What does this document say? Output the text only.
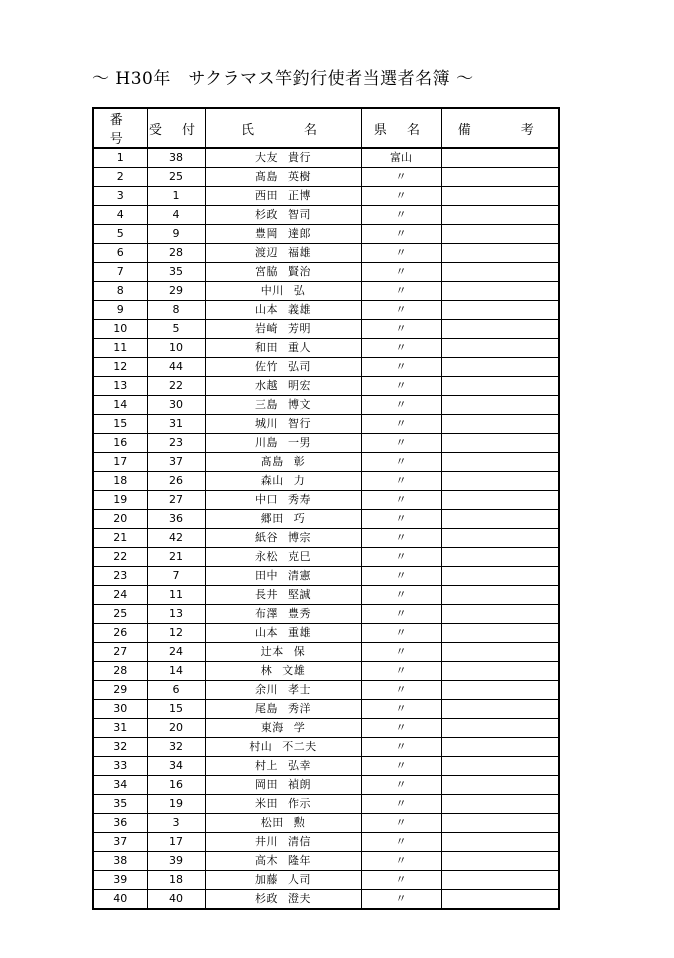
〜 H30年　サクラマス竿釣行使者当選者名簿 〜
番 号	受 付	氏　　名	県 名	備　　考
1	38	大友 貴行	富山	
2	25	髙島 英樹	〃	
3	1	西田 正博	〃	
4	4	杉政 智司	〃	
5	9	豊岡 達郎	〃	
6	28	渡辺 福雄	〃	
7	35	宮脇 賢治	〃	
8	29	中川 弘	〃	
9	8	山本 義雄	〃	
10	5	岩崎 芳明	〃	
11	10	和田 重人	〃	
12	44	佐竹 弘司	〃	
13	22	水越 明宏	〃	
14	30	三島 博文	〃	
15	31	城川 智行	〃	
16	23	川島 一男	〃	
17	37	髙島 彰	〃	
18	26	森山 力	〃	
19	27	中口 秀寿	〃	
20	36	郷田 巧	〃	
21	42	紙谷 博宗	〃	
22	21	永松 克巳	〃	
23	7	田中 清憲	〃	
24	11	長井 堅誠	〃	
25	13	布澤 豊秀	〃	
26	12	山本 重雄	〃	
27	24	辻本 保	〃	
28	14	林 文雄	〃	
29	6	余川 孝士	〃	
30	15	尾島 秀洋	〃	
31	20	東海 学	〃	
32	32	村山 不二夫	〃	
33	34	村上 弘幸	〃	
34	16	岡田 禎朗	〃	
35	19	米田 作示	〃	
36	3	松田 勲	〃	
37	17	井川 清信	〃	
38	39	高木 隆年	〃	
39	18	加藤 人司	〃	
40	40	杉政 澄夫	〃	
